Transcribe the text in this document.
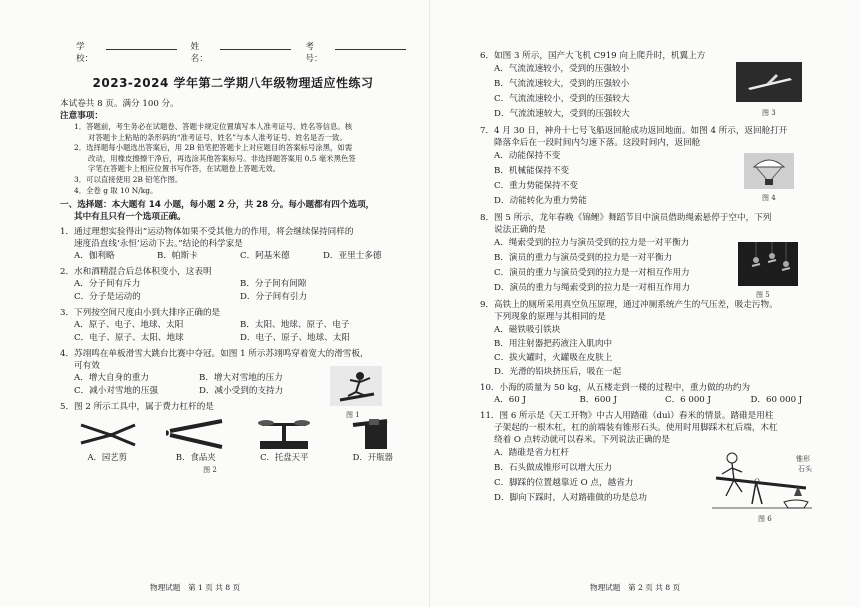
学校：
姓名：
考号：
2023-2024 学年第二学期八年级物理适应性练习
本试卷共 8 页。满分 100 分。
注意事项：
1．答题前，考生务必在试题卷、答题卡规定位置填写本人准考证号、姓名等信息。核
对答题卡上粘贴的条形码的“准考证号、姓名”与本人准考证号、姓名是否一致。
2．选择题每小题选出答案后，用 2B 铅笔把答题卡上对应题目的答案标号涂黑，如需
改动，用橡皮擦擦干净后，再选涂其他答案标号。非选择题答案用 0.5 毫米黑色签
字笔在答题卡上相应位置书写作答，在试题卷上答题无效。
3．可以直接使用 2B 铅笔作图。
4．全卷 g 取 10 N/kg。
一、选择题：本大题有 14 小题，每小题 2 分，共 28 分。每小题都有四个选项，
其中有且只有一个选项正确。
1．通过理想实验得出“运动物体如果不受其他力的作用，将会继续保持同样的
速度沿直线‘永恒’运动下去。”结论的科学家是
A．伽利略	B．帕斯卡	C．阿基米德	D．亚里士多德
2．水和酒精混合后总体积变小，这表明
A．分子间有斥力	B．分子间有间隙
C．分子是运动的	D．分子间有引力
3．下列按空间尺度由小到大排序正确的是
A．原子、电子、地球、太阳	B．太阳、地球、原子、电子
C．电子、原子、太阳、地球	D．电子、原子、地球、太阳
4．苏翊鸣在单板滑雪大跳台比赛中夺冠。如图 1 所示苏翊鸣穿着宽大的滑雪板，
可有效
A．增大自身的重力	B．增大对雪地的压力
C．减小对雪地的压强	D．减小受到的支持力
图 1
5．图 2 所示工具中，属于费力杠杆的是
A．园艺剪	B．食品夹	C．托盘天平	D．开瓶器
图 2
物理试题　第 1 页 共 8 页
6．如图 3 所示，国产大飞机 C919 向上爬升时，机翼上方
A．气流流速较小，受到的压强较小
B．气流流速较大，受到的压强较小
C．气流流速较小，受到的压强较大
D．气流流速较大，受到的压强较大	图 3
7．4 月 30 日，神舟十七号飞船返回舱成功返回地面。如图 4 所示，返回舱打开
降落伞后在一段时间内匀速下落。这段时间内，返回舱
A．动能保持不变
B．机械能保持不变
C．重力势能保持不变
D．动能转化为重力势能	图 4
8．图 5 所示，龙年春晚《锦鲤》舞蹈节目中演员借助绳索悬停于空中，下列
说法正确的是
A．绳索受到的拉力与演员受到的拉力是一对平衡力
B．演员的重力与演员受到的拉力是一对平衡力
C．演员的重力与演员受到的拉力是一对相互作用力
D．演员的重力与绳索受到的拉力是一对相互作用力
图 5
9．高铁上的厕所采用真空负压原理，通过冲厕系统产生的气压差，吸走污物。
下列现象的原理与其相同的是
A．磁铁吸引铁块
B．用注射器把药液注入肌肉中
C．拔火罐时，火罐吸在皮肤上
D．光滑的铅块挤压后，吸在一起
10．小海的质量为 50 kg，从五楼走到一楼的过程中，重力做的功约为
A．60 J	B．600 J	C．6 000 J	D．60 000 J
11．图 6 所示是《天工开物》中古人用踏碓（duì）舂米的情景。踏碓是用柱
子架起的一根木杠，杠的前端装有锥形石头。使用时用脚踩木杠后端，木杠
绕着 O 点转动就可以舂米。下列说法正确的是
A．踏碓是省力杠杆
B．石头做成锥形可以增大压力
C．脚踩的位置越靠近 O 点，越省力
D．脚向下踩时，人对踏碓做的功是总功
O
锥形
石头
图 6
物理试题　第 2 页 共 8 页
